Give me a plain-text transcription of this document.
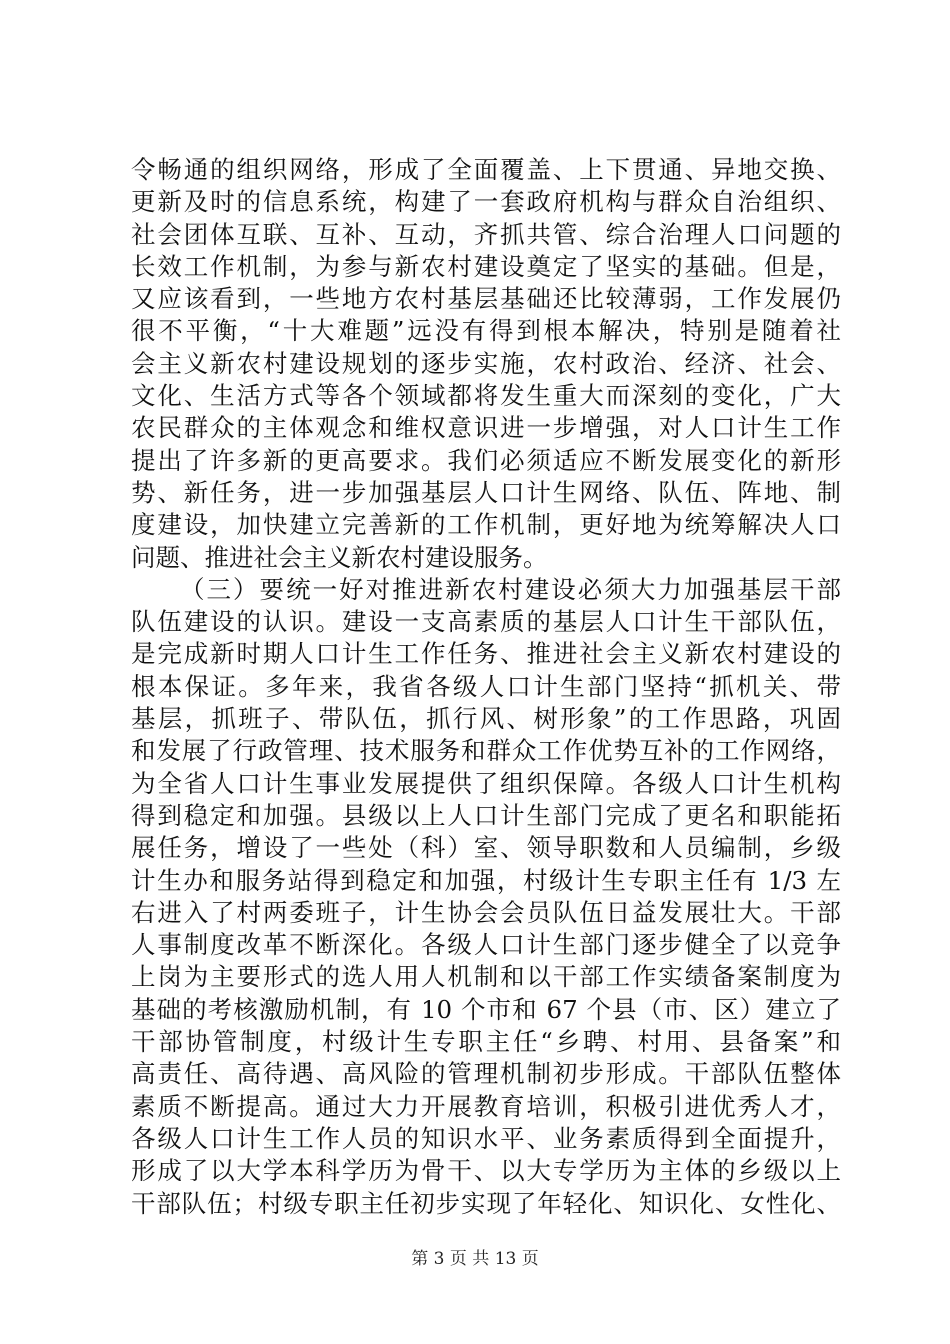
令畅通的组织网络，形成了全面覆盖、上下贯通、异地交换、
更新及时的信息系统，构建了一套政府机构与群众自治组织、
社会团体互联、互补、互动，齐抓共管、综合治理人口问题的
长效工作机制，为参与新农村建设奠定了坚实的基础。但是，
又应该看到，一些地方农村基层基础还比较薄弱，工作发展仍
很不平衡，“十大难题”远没有得到根本解决，特别是随着社
会主义新农村建设规划的逐步实施，农村政治、经济、社会、
文化、生活方式等各个领域都将发生重大而深刻的变化，广大
农民群众的主体观念和维权意识进一步增强，对人口计生工作
提出了许多新的更高要求。我们必须适应不断发展变化的新形
势、新任务，进一步加强基层人口计生网络、队伍、阵地、制
度建设，加快建立完善新的工作机制，更好地为统筹解决人口
问题、推进社会主义新农村建设服务。
（三）要统一好对推进新农村建设必须大力加强基层干部
队伍建设的认识。建设一支高素质的基层人口计生干部队伍，
是完成新时期人口计生工作任务、推进社会主义新农村建设的
根本保证。多年来，我省各级人口计生部门坚持“抓机关、带
基层，抓班子、带队伍，抓行风、树形象”的工作思路，巩固
和发展了行政管理、技术服务和群众工作优势互补的工作网络，
为全省人口计生事业发展提供了组织保障。各级人口计生机构
得到稳定和加强。县级以上人口计生部门完成了更名和职能拓
展任务，增设了一些处（科）室、领导职数和人员编制，乡级
计生办和服务站得到稳定和加强，村级计生专职主任有 1/3 左
右进入了村两委班子，计生协会会员队伍日益发展壮大。干部
人事制度改革不断深化。各级人口计生部门逐步健全了以竞争
上岗为主要形式的选人用人机制和以干部工作实绩备案制度为
基础的考核激励机制，有 10 个市和 67 个县（市、区）建立了
干部协管制度，村级计生专职主任“乡聘、村用、县备案”和
高责任、高待遇、高风险的管理机制初步形成。干部队伍整体
素质不断提高。通过大力开展教育培训，积极引进优秀人才，
各级人口计生工作人员的知识水平、业务素质得到全面提升，
形成了以大学本科学历为骨干、以大专学历为主体的乡级以上
干部队伍；村级专职主任初步实现了年轻化、知识化、女性化、

第 3 页 共 13 页
